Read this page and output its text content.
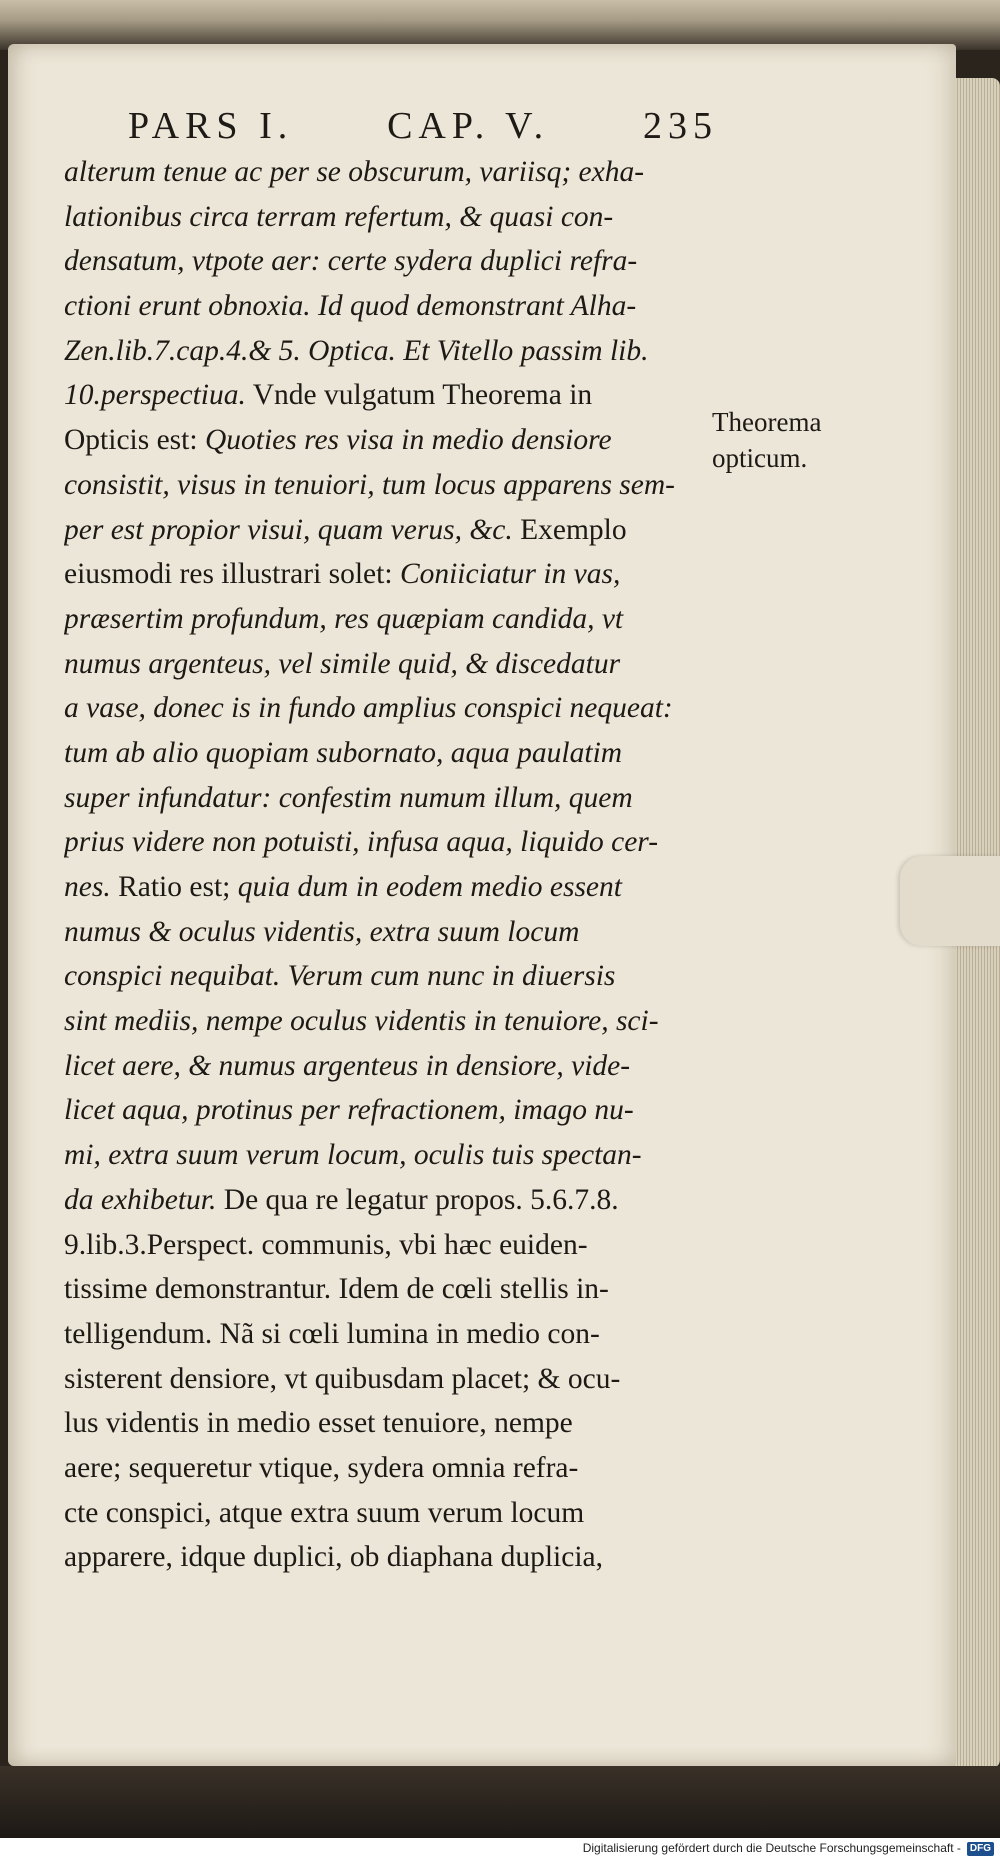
PARS I. CAP. V. 235
alterum tenue ac per se obscurum, variisq; exha-
lationibus circa terram refertum, & quasi con-
densatum, vtpote aer: certe sydera duplici refra-
ctioni erunt obnoxia. Id quod demonstrant Alha-
Zen.lib.7.cap.4.& 5. Optica. Et Vitello passim lib.
10.perspectiua. Vnde vulgatum Theorema in
Opticis est: Quoties res visa in medio densiore
consistit, visus in tenuiori, tum locus apparens sem-
per est propior visui, quam verus, &c. Exemplo
eiusmodi res illustrari solet: Coniiciatur in vas,
præsertim profundum, res quæpiam candida, vt
numus argenteus, vel simile quid, & discedatur
a vase, donec is in fundo amplius conspici nequeat:
tum ab alio quopiam subornato, aqua paulatim
super infundatur: confestim numum illum, quem
prius videre non potuisti, infusa aqua, liquido cer-
nes. Ratio est; quia dum in eodem medio essent
numus & oculus videntis, extra suum locum
conspici nequibat. Verum cum nunc in diuersis
sint mediis, nempe oculus videntis in tenuiore, sci-
licet aere, & numus argenteus in densiore, vide-
licet aqua, protinus per refractionem, imago nu-
mi, extra suum verum locum, oculis tuis spectan-
da exhibetur. De qua re legatur propos. 5.6.7.8.
9.lib.3.Perspect. communis, vbi hæc euiden-
tissime demonstrantur. Idem de cœli stellis in-
telligendum. Nã si cœli lumina in medio con-
sisterent densiore, vt quibusdam placet; & ocu-
lus videntis in medio esset tenuiore, nempe
aere; sequeretur vtique, sydera omnia refra-
cte conspici, atque extra suum verum locum
apparere, idque duplici, ob diaphana duplicia,
Theorema
opticum.
Digitalisierung gefördert durch die Deutsche Forschungsgemeinschaft - DFG
